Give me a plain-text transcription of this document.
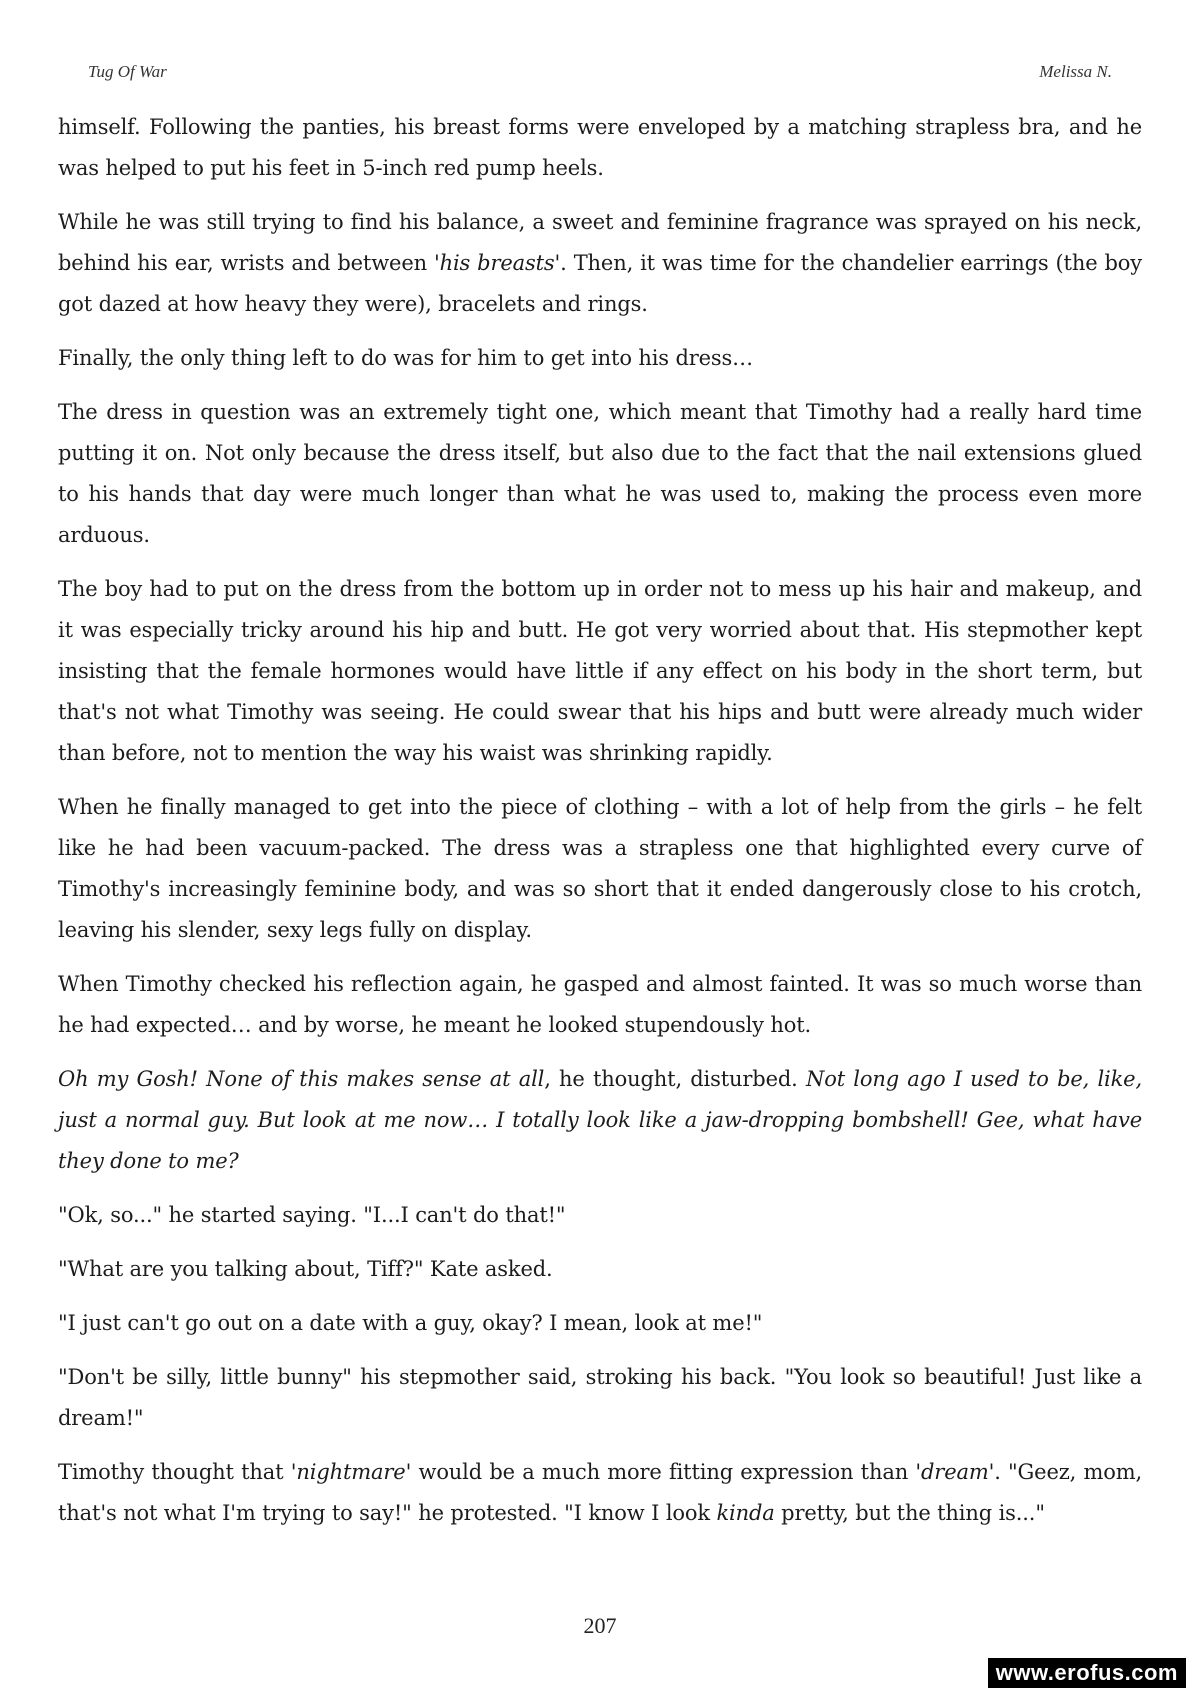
Tug Of War	Melissa N.

himself. Following the panties, his breast forms were enveloped by a matching strapless bra, and he was helped to put his feet in 5-inch red pump heels.

While he was still trying to find his balance, a sweet and feminine fragrance was sprayed on his neck, behind his ear, wrists and between 'his breasts'. Then, it was time for the chandelier earrings (the boy got dazed at how heavy they were), bracelets and rings.

Finally, the only thing left to do was for him to get into his dress…

The dress in question was an extremely tight one, which meant that Timothy had a really hard time putting it on. Not only because the dress itself, but also due to the fact that the nail extensions glued to his hands that day were much longer than what he was used to, making the process even more arduous.

The boy had to put on the dress from the bottom up in order not to mess up his hair and makeup, and it was especially tricky around his hip and butt. He got very worried about that. His stepmother kept insisting that the female hormones would have little if any effect on his body in the short term, but that's not what Timothy was seeing. He could swear that his hips and butt were already much wider than before, not to mention the way his waist was shrinking rapidly.

When he finally managed to get into the piece of clothing – with a lot of help from the girls – he felt like he had been vacuum-packed. The dress was a strapless one that highlighted every curve of Timothy's increasingly feminine body, and was so short that it ended dangerously close to his crotch, leaving his slender, sexy legs fully on display.

When Timothy checked his reflection again, he gasped and almost fainted. It was so much worse than he had expected… and by worse, he meant he looked stupendously hot.

Oh my Gosh! None of this makes sense at all, he thought, disturbed. Not long ago I used to be, like, just a normal guy. But look at me now… I totally look like a jaw-dropping bombshell! Gee, what have they done to me?

"Ok, so..." he started saying. "I...I can't do that!"

"What are you talking about, Tiff?" Kate asked.

"I just can't go out on a date with a guy, okay? I mean, look at me!"

"Don't be silly, little bunny" his stepmother said, stroking his back. "You look so beautiful! Just like a dream!"

Timothy thought that 'nightmare' would be a much more fitting expression than 'dream'. "Geez, mom, that's not what I'm trying to say!" he protested. "I know I look kinda pretty, but the thing is..."

207
www.erofus.com
